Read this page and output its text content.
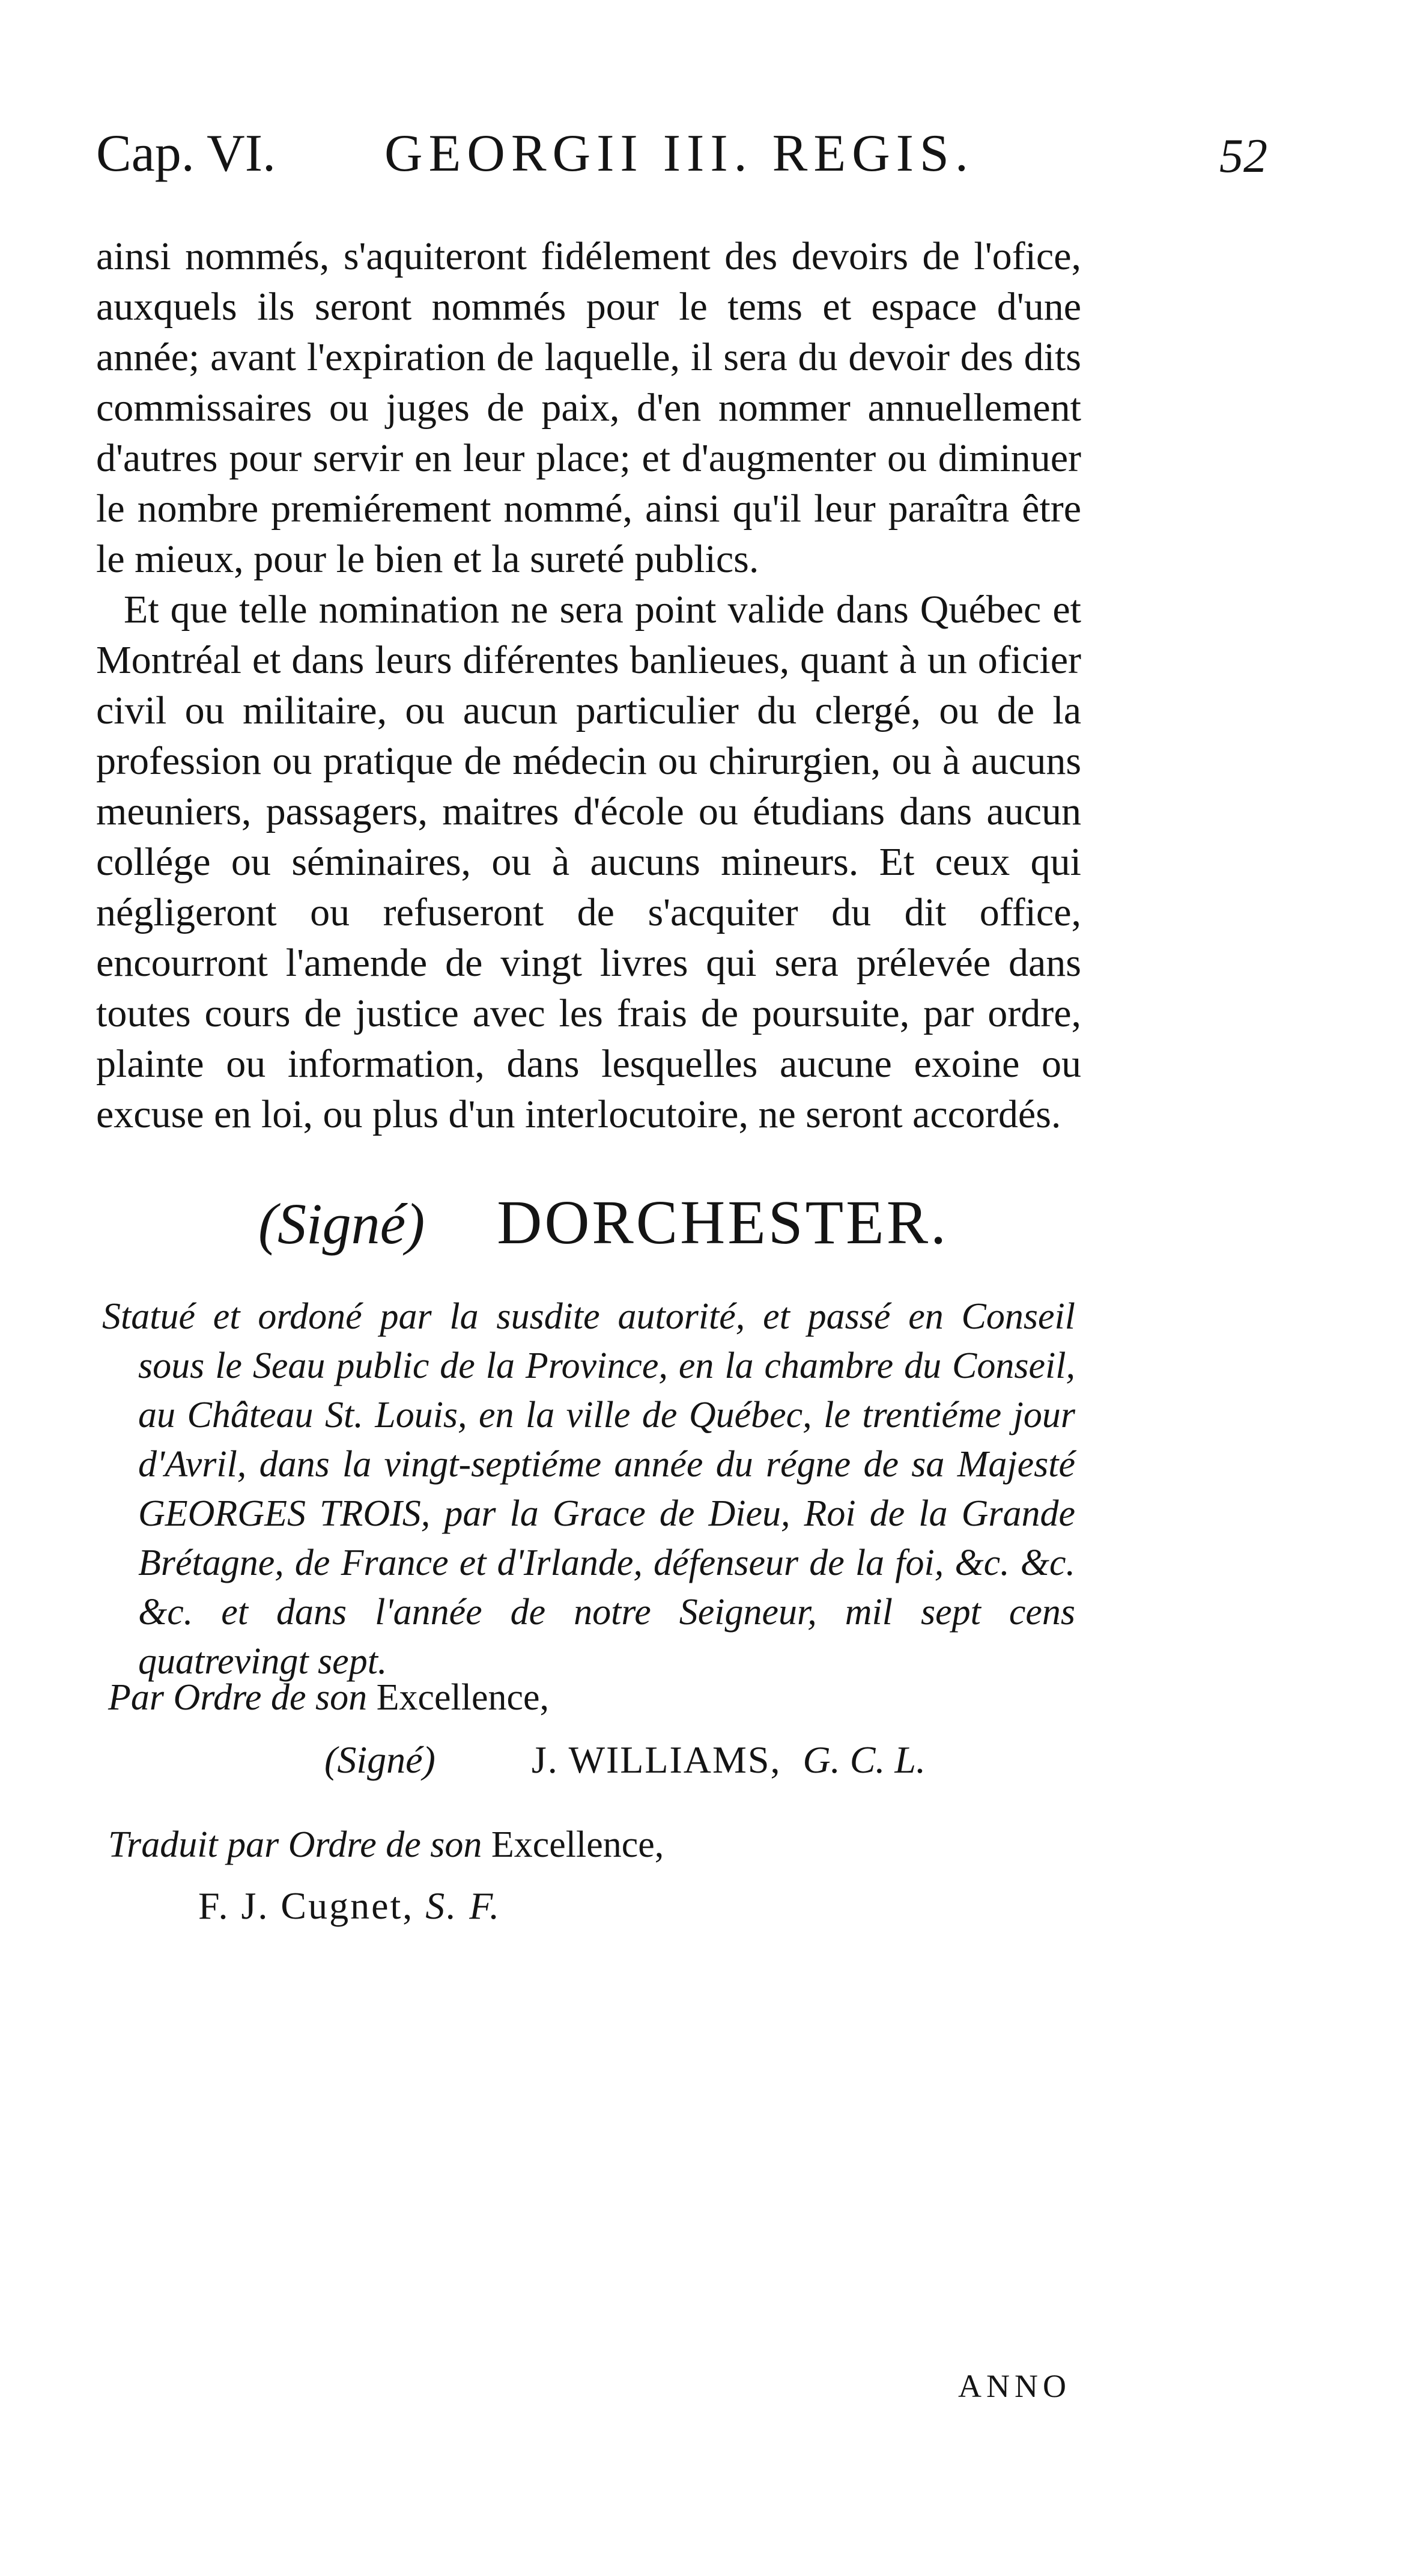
Cap. VI. GEORGII III. REGIS.	52

ainsi nommés, s'aquiteront fidélement des devoirs de l'ofice, auxquels ils seront nommés pour le tems et espace d'une année; avant l'expiration de laquelle, il sera du devoir des dits commissaires ou juges de paix, d'en nommer annuellement d'autres pour servir en leur place; et d'augmenter ou diminuer le nombre premiérement nommé, ainsi qu'il leur paraîtra être le mieux, pour le bien et la sureté publics.

Et que telle nomination ne sera point valide dans Québec et Montréal et dans leurs diférentes banlieues, quant à un oficier civil ou militaire, ou aucun particulier du clergé, ou de la profession ou pratique de médecin ou chirurgien, ou à aucuns meuniers, passagers, maitres d'école ou étudians dans aucun collége ou séminaires, ou à aucuns mineurs. Et ceux qui négligeront ou refuseront de s'acquiter du dit office, encourront l'amende de vingt livres qui sera prélevée dans toutes cours de justice avec les frais de poursuite, par ordre, plainte ou information, dans lesquelles aucune exoine ou excuse en loi, ou plus d'un interlocutoire, ne seront accordés.

(Signé) DORCHESTER.

Statué et ordoné par la susdite autorité, et passé en Conseil

sous le Seau public de la Province, en la chambre du Conseil, au Château St. Louis, en la ville de Québec, le trentiéme jour d'Avril, dans la vingt-septiéme année du régne de sa Majesté GEORGES TROIS, par la Grace de Dieu, Roi de la Grande Brétagne, de France et d'Irlande, défenseur de la foi, &c. &c. &c. et dans l'année de notre Seigneur, mil sept cens quatrevingt sept.

Par Ordre de son Excellence,
(Signé)	J. WILLIAMS, G. C. L.
Traduit par Ordre de son Excellence,
F. J. Cugnet, S. F.
ANNO
